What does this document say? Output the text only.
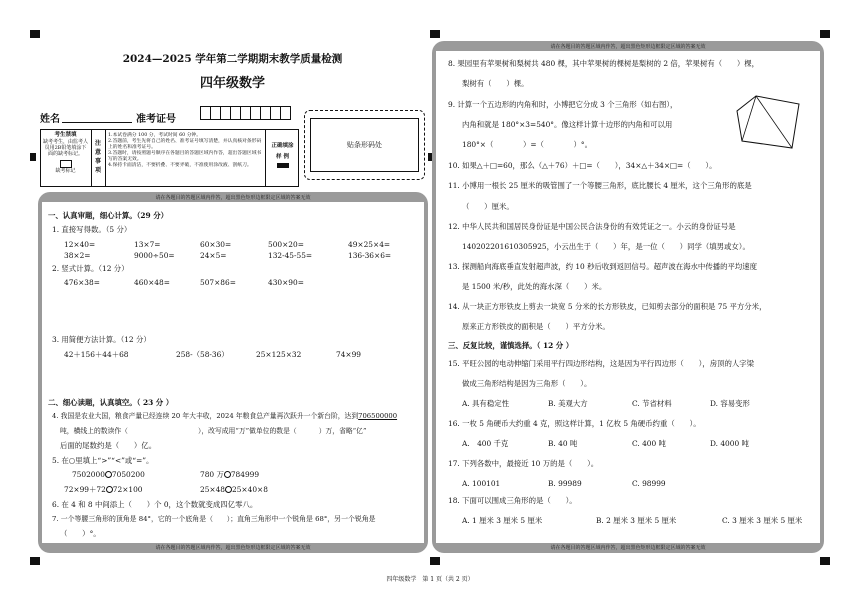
2024—2025 学年第二学期期末教学质量检测
四年级数学
姓名	准考证号
考生禁填
缺考考生，由监考人员用2B铅笔填涂下面的缺考标记。
缺考标记
注意事项
1.本试卷满分 100 分，考试时间 60 分钟。
2.答题前，考生先将自己的姓名、准考证号填写清楚，并认真核对条形码上的姓名和准考证号。
3.答题时，请按照题号顺序在各题目的答题区域内作答，超出答题区域书写的答案无效。
4.保持卡面清洁，不要折叠、不要弄破，不准使用涂改液、刮纸刀。
正确填涂
样 例
贴条形码处
请在各题目的答题区域内作答，超出黑色矩形边框限定区域的答案无效
请在各题目的答题区域内作答，超出黑色矩形边框限定区域的答案无效
一、认真审题，细心计算。（29 分）
1. 直接写得数。（5 分）
12×40=	13×7=	60×30=	500×20=	49×25×4=
38×2=	9000÷50=	24×5=	132-45-55=	136-36×6=
2. 竖式计算。（12 分）
476×38=	460×48=	507×86=	430×90=
3. 用简便方法计算。（12 分）
42＋156＋44＋68	258-（58-36）	25×125×32	74×99
二、细心读题，认真填空。（ 23 分 ）
4. 我国是农业大国，粮食产量已经连续 20 年大丰收，2024 年粮食总产量再次跃升一个新台阶，达到706500000
吨，横线上的数读作（	），改写成用“万”做单位的数是（	）万，省略“亿”
后面的尾数约是（　　）亿。
5. 在○里填上“>”“<”或“=”。
7502000 7050200	780 万 784999
72×99＋72 72×100	25×48 25×40×8
6. 在 4 和 8 中间添上（　　）个 0，这个数就变成四亿零八。
7. 一个等腰三角形的顶角是 84°，它的一个底角是（　　）；直角三角形中一个锐角是 68°，另一个锐角是
（　　）°。
请在各题目的答题区域内作答，超出黑色矩形边框限定区域的答案无效
请在各题目的答题区域内作答，超出黑色矩形边框限定区域的答案无效
8. 果园里有苹果树和梨树共 480 棵，其中苹果树的棵树是梨树的 2 倍，苹果树有（　　）棵，
梨树有（　　）棵。
9. 计算一个五边形的内角和时，小博把它分成 3 个三角形（如右图），
内角和就是 180°×3=540°。像这样计算十边形的内角和可以用
180°×（　　　　）=（　　　　）°。
10. 如果△＋□=60，那么（△＋76）＋□=（　　），34×△＋34×□=（　　）。
11. 小博用一根长 25 厘米的吸管围了一个等腰三角形，底比腰长 4 厘米，这个三角形的底是
（　　）厘米。
12. 中华人民共和国居民身份证是中国公民合法身份的有效凭证之一。小云的身份证号是
14020220161030​5925，小云出生于（　　）年，是一位（　　）同学（填男或女）。
13. 探测船向海底垂直发射超声波，约 10 秒后收到返回信号。超声波在海水中传播的平均速度
是 1500 米/秒，此处的海水深（　　）米。
14. 从一块正方形铁皮上剪去一块宽 5 分米的长方形铁皮，已知剪去部分的面积是 75 平方分米，
原来正方形铁皮的面积是（　　）平方分米。
三、反复比较，谨慎选择。（ 12 分 ）
15. 平旺公园的电动伸缩门采用平行四边形结构，这是因为平行四边形（　　），房顶的人字梁
做成三角形结构是因为三角形（　　）。
A. 具有稳定性	B. 美观大方	C. 节省材料	D. 容易变形
16. 一枚 5 角硬币大约重 4 克，照这样计算，1 亿枚 5 角硬币约重（　　）。
A.　400 千克	B. 40 吨	C. 400 吨	D. 4000 吨
17. 下列各数中，最接近 10 万的是（　　）。
A. 100101	B. 99989	C. 98999
18. 下面可以围成三角形的是（　　）。
A. 1 厘米 3 厘米 5 厘米	B. 2 厘米 3 厘米 5 厘米	C. 3 厘米 3 厘米 5 厘米
四年级数学　第 1 页（共 2 页）
